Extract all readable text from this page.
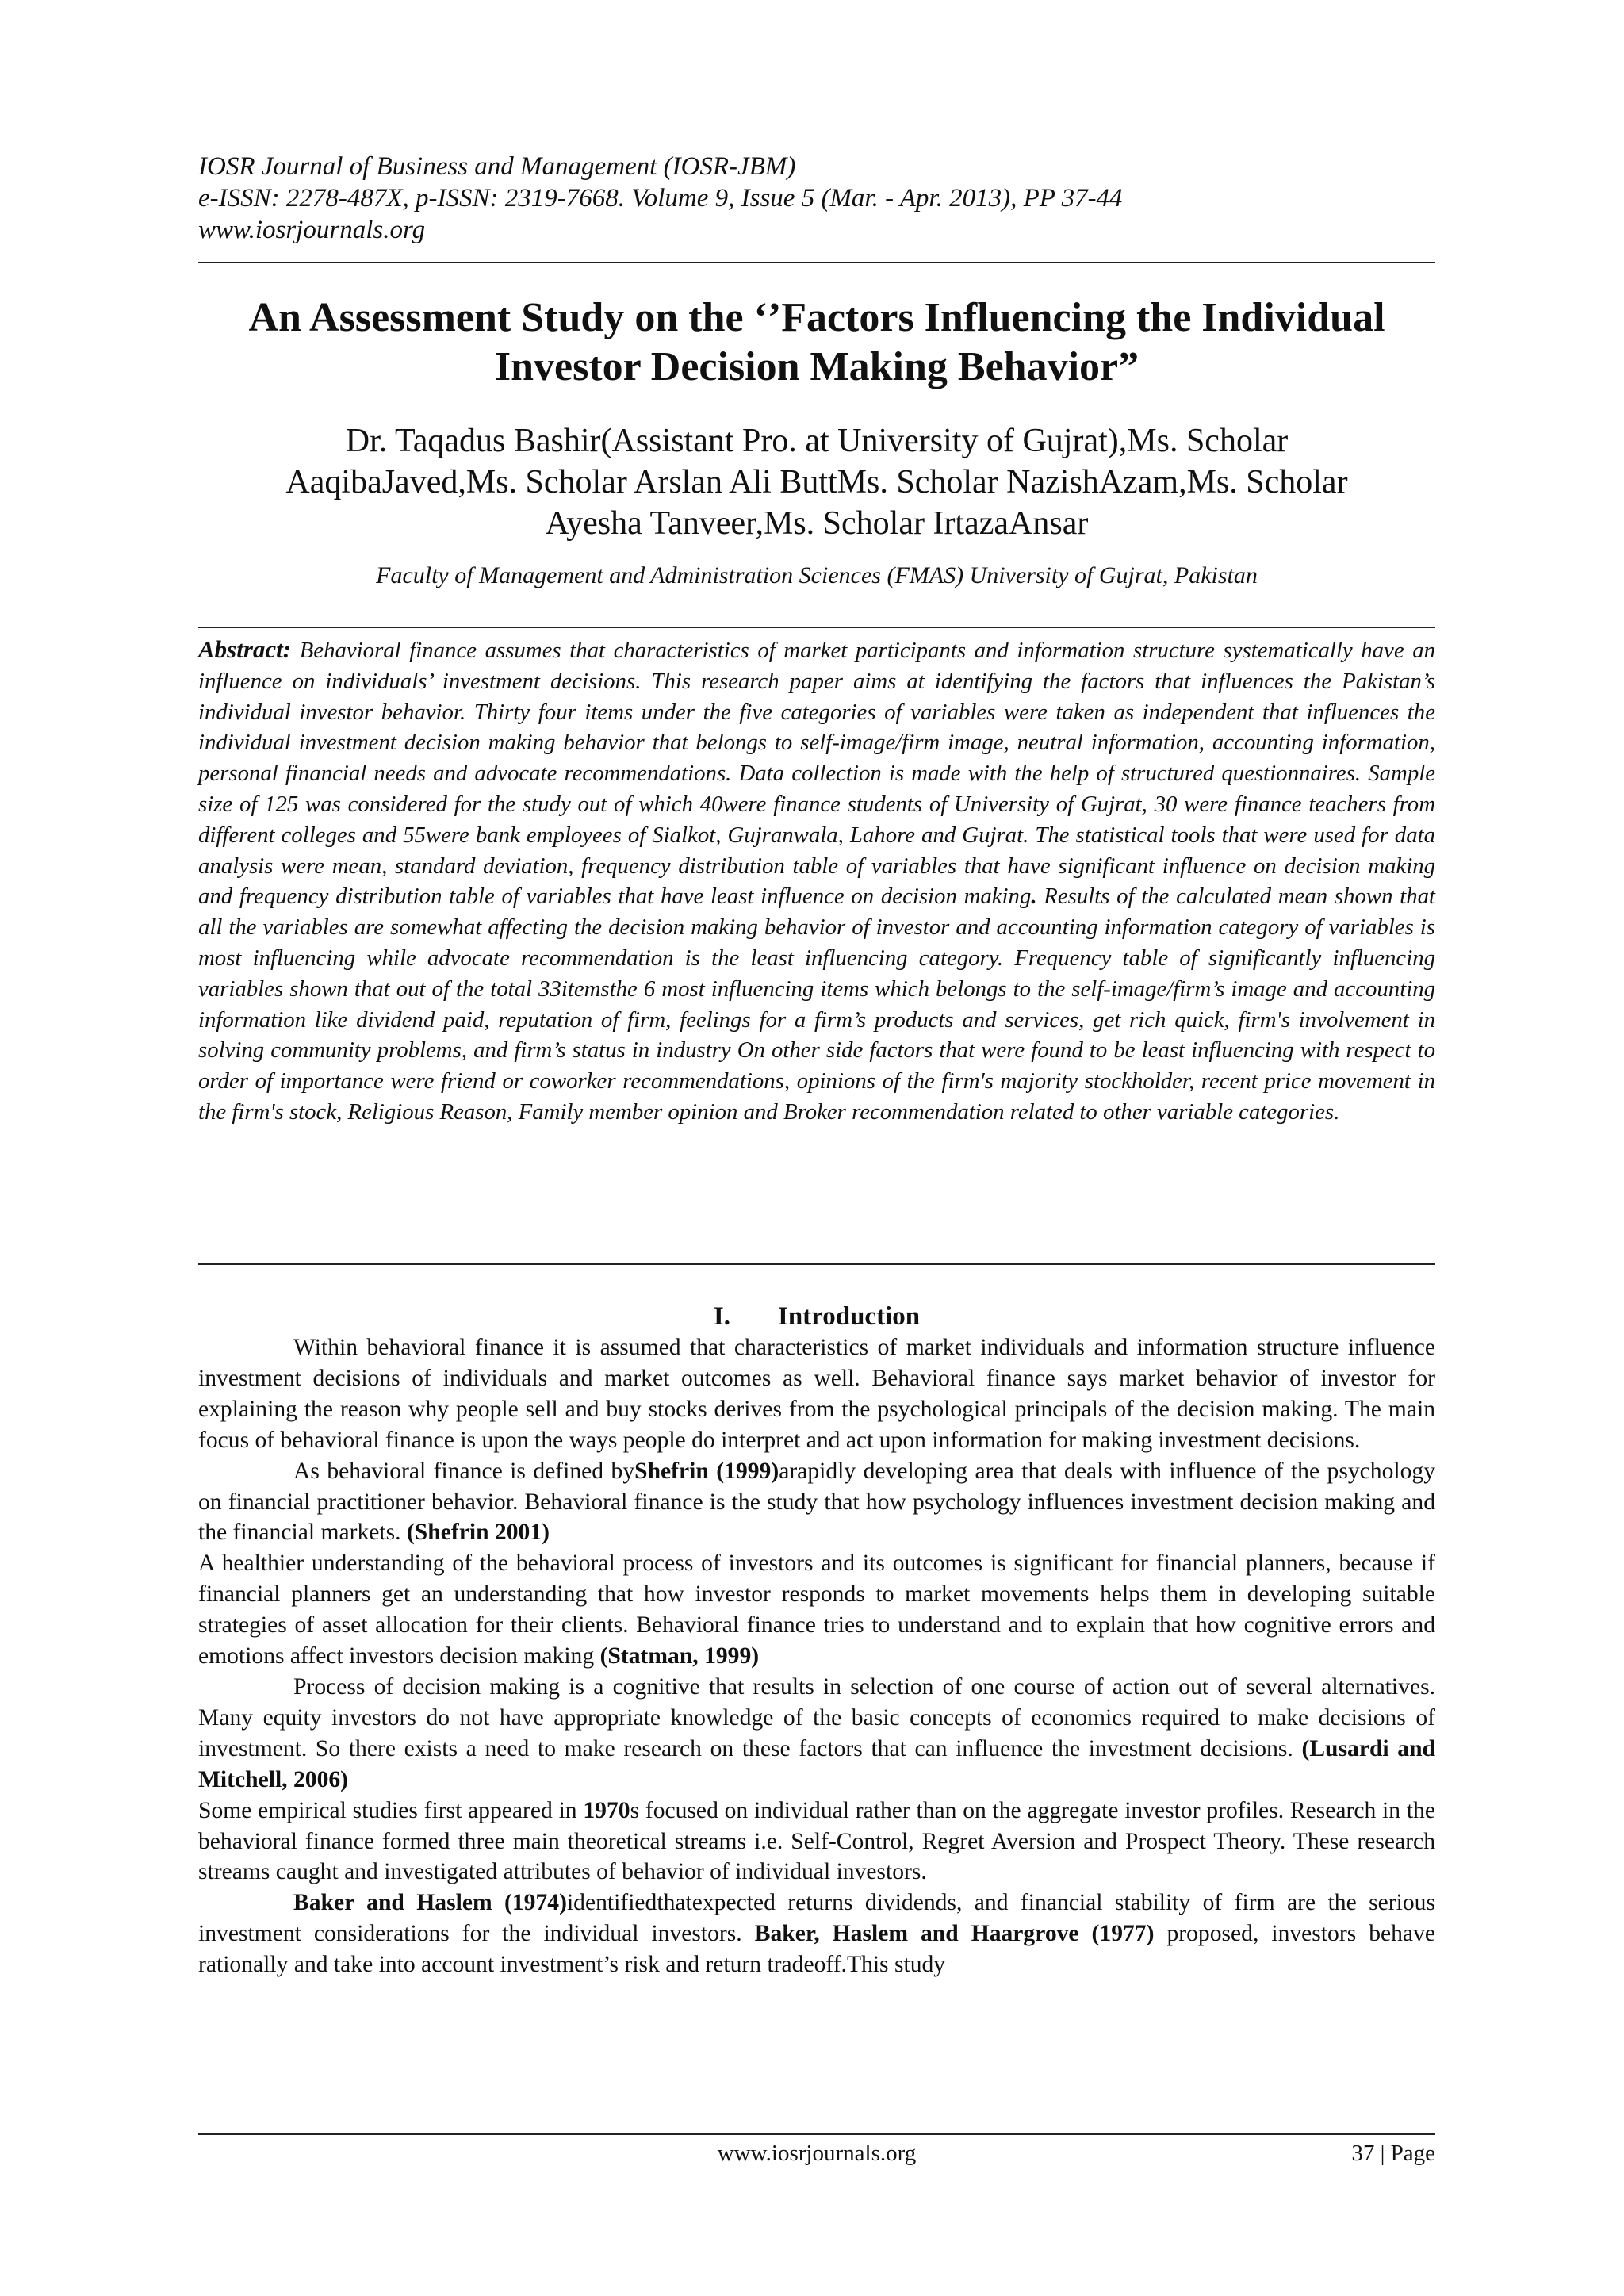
IOSR Journal of Business and Management (IOSR-JBM)
e-ISSN: 2278-487X, p-ISSN: 2319-7668. Volume 9, Issue 5 (Mar. - Apr. 2013), PP 37-44
www.iosrjournals.org
An Assessment Study on the ‘’Factors Influencing the Individual
Investor Decision Making Behavior”
Dr. Taqadus Bashir(Assistant Pro. at University of Gujrat),Ms. Scholar
AaqibaJaved,Ms. Scholar Arslan Ali ButtMs. Scholar NazishAzam,Ms. Scholar
Ayesha Tanveer,Ms. Scholar IrtazaAnsar
Faculty of Management and Administration Sciences (FMAS) University of Gujrat, Pakistan
Abstract: Behavioral finance assumes that characteristics of market participants and information structure systematically have an influence on individuals’ investment decisions. This research paper aims at identifying the factors that influences the Pakistan’s individual investor behavior. Thirty four items under the five categories of variables were taken as independent that influences the individual investment decision making behavior that belongs to self-image/firm image, neutral information, accounting information, personal financial needs and advocate recommendations. Data collection is made with the help of structured questionnaires. Sample size of 125 was considered for the study out of which 40were finance students of University of Gujrat, 30 were finance teachers from different colleges and 55were bank employees of Sialkot, Gujranwala, Lahore and Gujrat. The statistical tools that were used for data analysis were mean, standard deviation, frequency distribution table of variables that have significant influence on decision making and frequency distribution table of variables that have least influence on decision making. Results of the calculated mean shown that all the variables are somewhat affecting the decision making behavior of investor and accounting information category of variables is most influencing while advocate recommendation is the least influencing category. Frequency table of significantly influencing variables shown that out of the total 33itemsthe 6 most influencing items which belongs to the self-image/firm’s image and accounting information like dividend paid, reputation of firm, feelings for a firm’s products and services, get rich quick, firm's involvement in solving community problems, and firm’s status in industry On other side factors that were found to be least influencing with respect to order of importance were friend or coworker recommendations, opinions of the firm's majority stockholder, recent price movement in the firm's stock, Religious Reason, Family member opinion and Broker recommendation related to other variable categories.
I. Introduction

Within behavioral finance it is assumed that characteristics of market individuals and information structure influence investment decisions of individuals and market outcomes as well. Behavioral finance says market behavior of investor for explaining the reason why people sell and buy stocks derives from the psychological principals of the decision making. The main focus of behavioral finance is upon the ways people do interpret and act upon information for making investment decisions.

As behavioral finance is defined byShefrin (1999)arapidly developing area that deals with influence of the psychology on financial practitioner behavior. Behavioral finance is the study that how psychology influences investment decision making and the financial markets. (Shefrin 2001)

A healthier understanding of the behavioral process of investors and its outcomes is significant for financial planners, because if financial planners get an understanding that how investor responds to market movements helps them in developing suitable strategies of asset allocation for their clients. Behavioral finance tries to understand and to explain that how cognitive errors and emotions affect investors decision making (Statman, 1999)

Process of decision making is a cognitive that results in selection of one course of action out of several alternatives. Many equity investors do not have appropriate knowledge of the basic concepts of economics required to make decisions of investment. So there exists a need to make research on these factors that can influence the investment decisions. (Lusardi and Mitchell, 2006)

Some empirical studies first appeared in 1970s focused on individual rather than on the aggregate investor profiles. Research in the behavioral finance formed three main theoretical streams i.e. Self-Control, Regret Aversion and Prospect Theory. These research streams caught and investigated attributes of behavior of individual investors.

Baker and Haslem (1974)identifiedthatexpected returns dividends, and financial stability of firm are the serious investment considerations for the individual investors. Baker, Haslem and Haargrove (1977) proposed, investors behave rationally and take into account investment’s risk and return tradeoff.This study

www.iosrjournals.org	37 | Page
